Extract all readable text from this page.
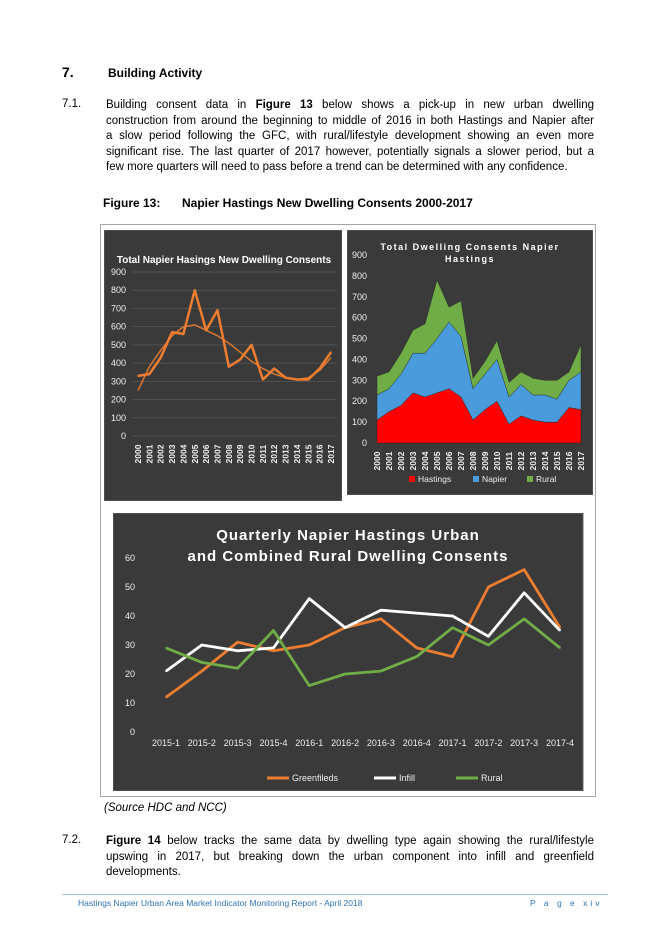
7.	Building Activity
7.1. Building consent data in Figure 13 below shows a pick-up in new urban dwelling
construction from around the beginning to middle of 2016 in both Hastings and Napier after
a slow period following the GFC, with rural/lifestyle development showing an even more
significant rise. The last quarter of 2017 however, potentially signals a slower period, but a
few more quarters will need to pass before a trend can be determined with any confidence.
Figure 13: Napier Hastings New Dwelling Consents 2000-2017
Total Napier Hasings New Dwelling Consents
0
100
200
300
400
500
600
700
800
900
2000 2001 2002 2003 2004 2005 2006 2007 2008 2009 2010 2011 2012 2013 2014 2015 2016 2017
Total Dwelling Consents Napier
Hastings
0
100
200
300
400
500
600
700
800
900
2000 2001 2002 2003 2004 2005 2006 2007 2008 2009 2010 2011 2012 2013 2014 2015 2016 2017
Hastings	Napier	Rural
Quarterly Napier Hastings Urban
and Combined Rural Dwelling Consents
0
10
20
30
40
50
60
2015-1 2015-2 2015-3 2015-4 2016-1 2016-2 2016-3 2016-4 2017-1 2017-2 2017-3 2017-4
Greenfileds	Infill	Rural
(Source HDC and NCC)
7.2. Figure 14 below tracks the same data by dwelling type again showing the rural/lifestyle
upswing in 2017, but breaking down the urban component into infill and greenfield
developments.
Hastings Napier Urban Area Market Indicator Monitoring Report - April 2018	P a g e xiv
